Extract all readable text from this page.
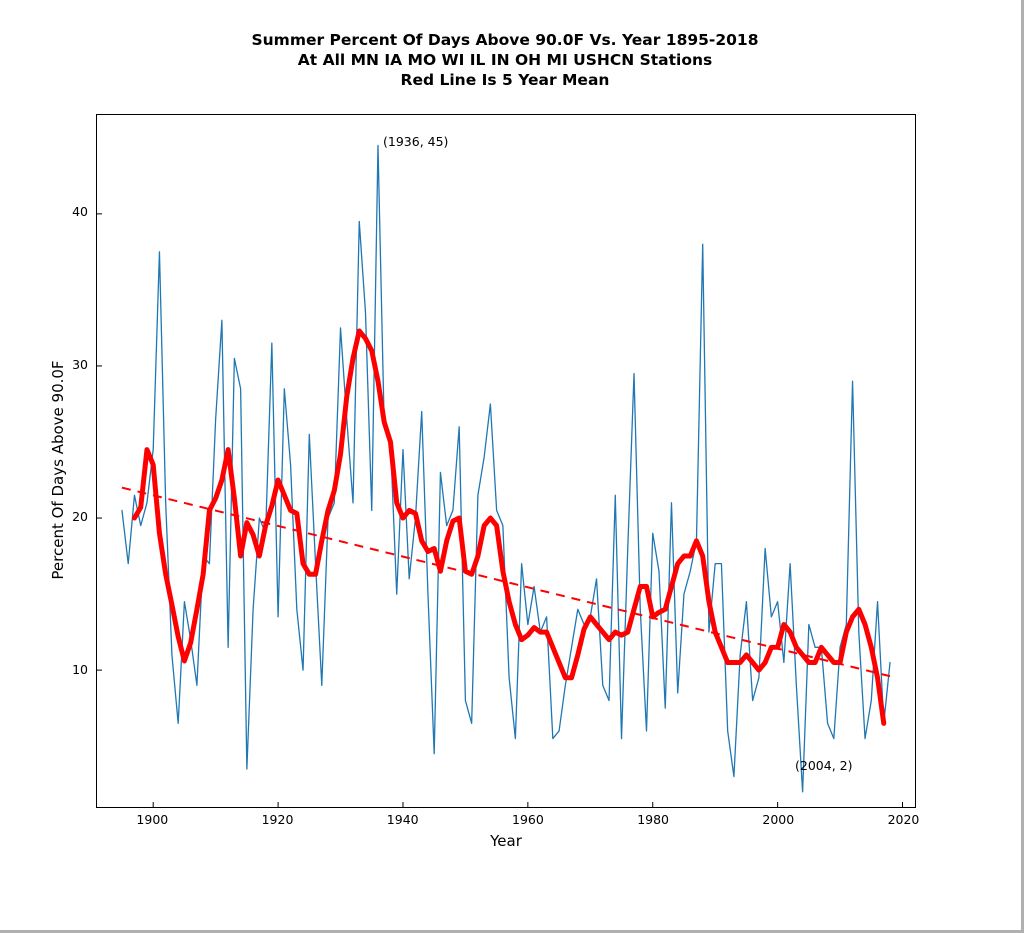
Summer Percent Of Days Above 90.0F Vs. Year 1895-2018
At All MN IA MO WI IL IN OH MI USHCN Stations
Red Line Is 5 Year Mean
1900	1920	1940	1960	1980	2000	2020
10
20
30
40
Year
Percent Of Days Above 90.0F
(1936, 45)
(2004, 2)
